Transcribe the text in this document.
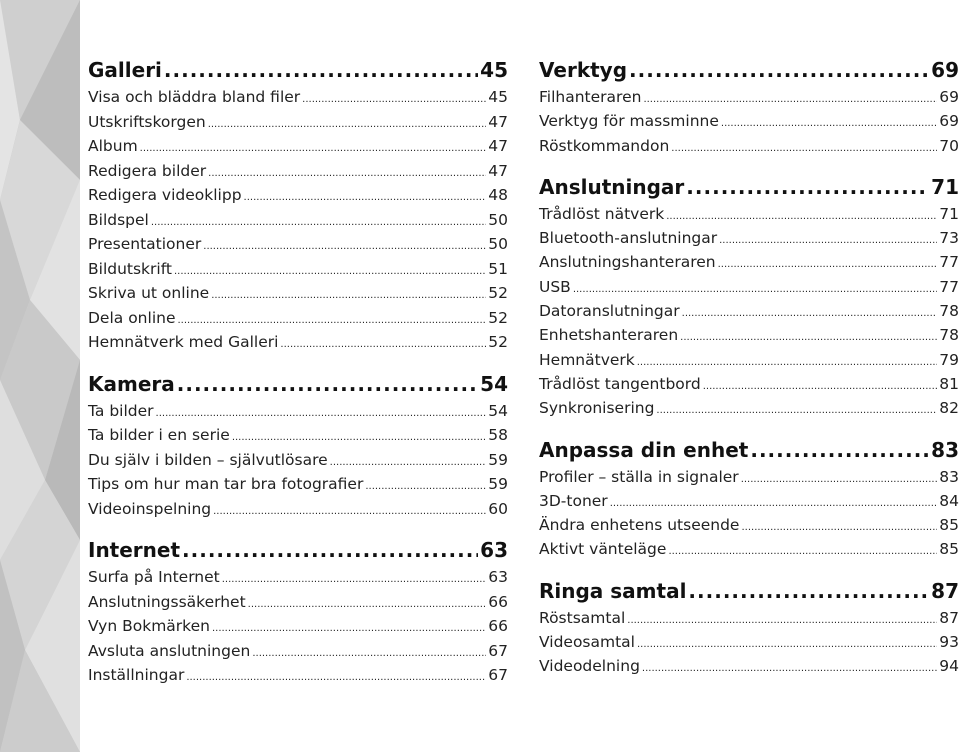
Galleri .....	45
Visa och bläddra bland filer .....	45
Utskriftskorgen .....	47
Album .....	47
Redigera bilder .....	47
Redigera videoklipp .....	48
Bildspel .....	50
Presentationer .....	50
Bildutskrift .....	51
Skriva ut online .....	52
Dela online .....	52
Hemnätverk med Galleri .....	52
Kamera .....	54
Ta bilder .....	54
Ta bilder i en serie .....	58
Du själv i bilden – självutlösare .....	59
Tips om hur man tar bra fotografier .....	59
Videoinspelning .....	60
Internet .....	63
Surfa på Internet .....	63
Anslutningssäkerhet .....	66
Vyn Bokmärken .....	66
Avsluta anslutningen .....	67
Inställningar .....	67
Verktyg .....	69
Filhanteraren .....	69
Verktyg för massminne .....	69
Röstkommandon .....	70
Anslutningar .....	71
Trådlöst nätverk .....	71
Bluetooth-anslutningar .....	73
Anslutningshanteraren .....	77
USB .....	77
Datoranslutningar .....	78
Enhetshanteraren .....	78
Hemnätverk .....	79
Trådlöst tangentbord .....	81
Synkronisering .....	82
Anpassa din enhet .....	83
Profiler – ställa in signaler .....	83
3D-toner .....	84
Ändra enhetens utseende .....	85
Aktivt vänteläge .....	85
Ringa samtal .....	87
Röstsamtal .....	87
Videosamtal .....	93
Videodelning .....	94
